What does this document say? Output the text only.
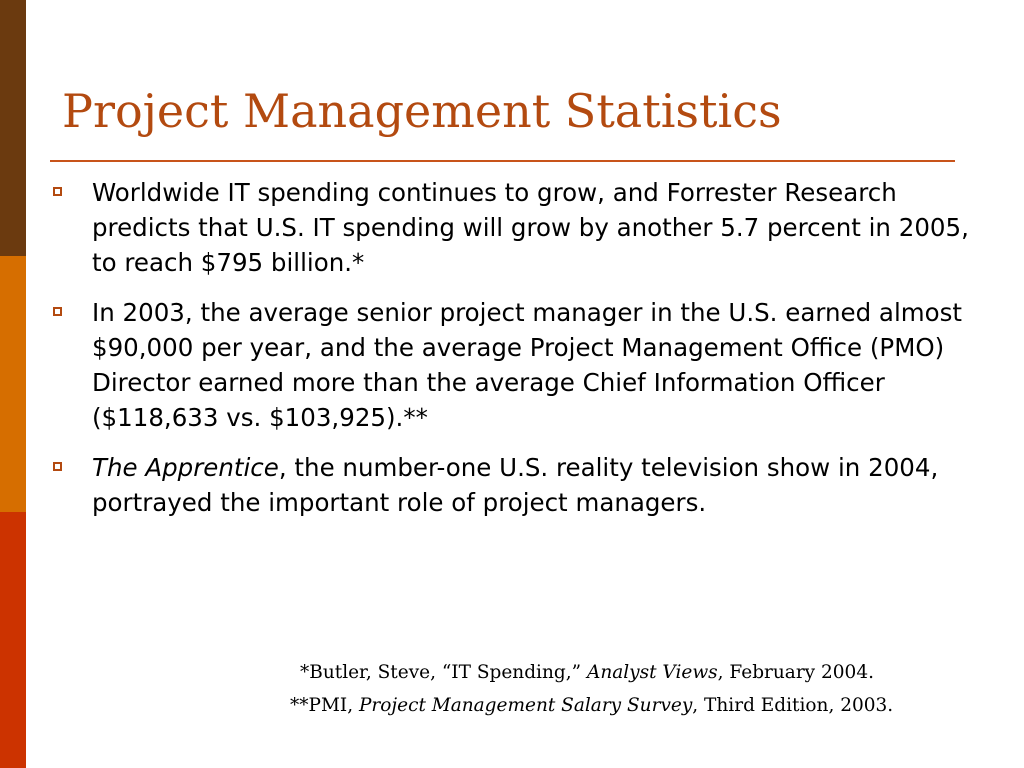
Project Management Statistics
Worldwide IT spending continues to grow, and Forrester Research predicts that U.S. IT spending will grow by another 5.7 percent in 2005, to reach $795 billion.*
In 2003, the average senior project manager in the U.S. earned almost $90,000 per year, and the average Project Management Office (PMO) Director earned more than the average Chief Information Officer ($118,633 vs. $103,925).**
The Apprentice, the number-one U.S. reality television show in 2004, portrayed the important role of project managers.
*Butler, Steve, “IT Spending,” Analyst Views, February 2004.
**PMI, Project Management Salary Survey, Third Edition, 2003.
